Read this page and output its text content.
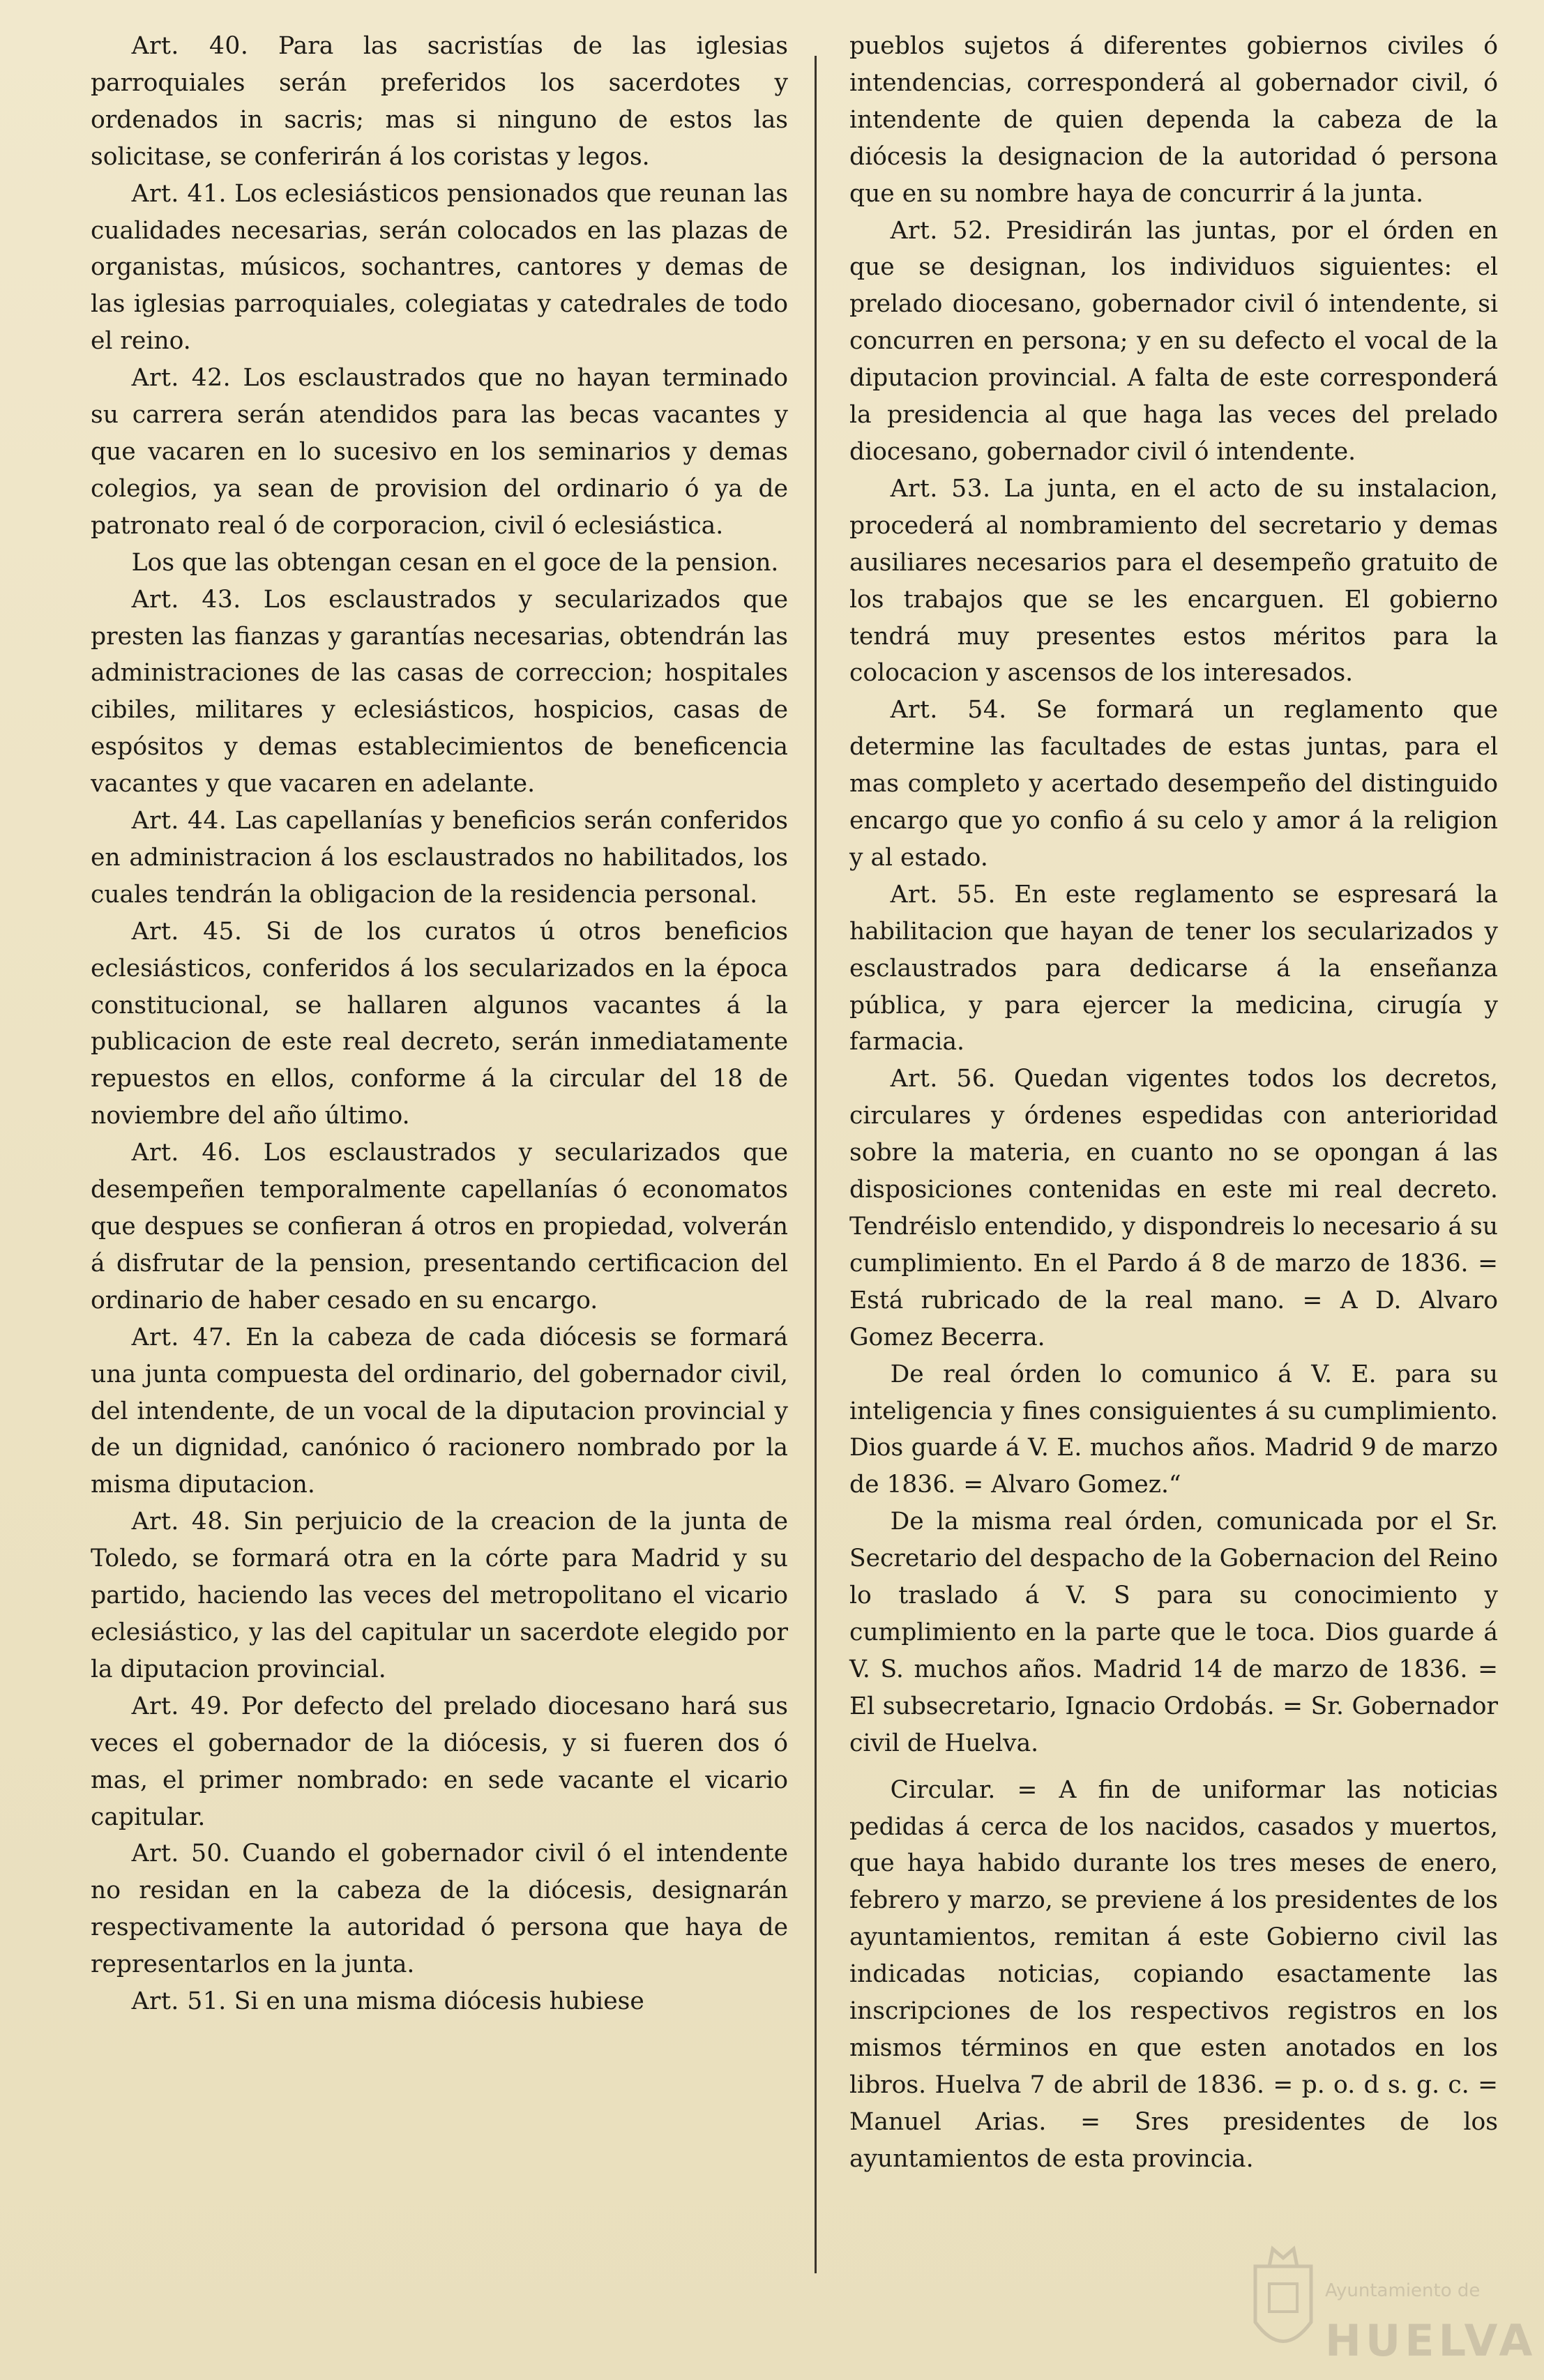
Art. 40. Para las sacristías de las iglesias parroquiales serán preferidos los sacerdotes y ordenados in sacris; mas si ninguno de estos las solicitase, se conferirán á los coristas y legos.

Art. 41. Los eclesiásticos pensionados que reunan las cualidades necesarias, serán colocados en las plazas de organistas, músicos, sochantres, cantores y demas de las iglesias parroquiales, colegiatas y catedrales de todo el reino.

Art. 42. Los esclaustrados que no hayan terminado su carrera serán atendidos para las becas vacantes y que vacaren en lo sucesivo en los seminarios y demas colegios, ya sean de provision del ordinario ó ya de patronato real ó de corporacion, civil ó eclesiástica.

Los que las obtengan cesan en el goce de la pension.

Art. 43. Los esclaustrados y secularizados que presten las fianzas y garantías necesarias, obtendrán las administraciones de las casas de correccion; hospitales cibiles, militares y eclesiásticos, hospicios, casas de espósitos y demas establecimientos de beneficencia vacantes y que vacaren en adelante.

Art. 44. Las capellanías y beneficios serán conferidos en administracion á los esclaustrados no habilitados, los cuales tendrán la obligacion de la residencia personal.

Art. 45. Si de los curatos ú otros beneficios eclesiásticos, conferidos á los secularizados en la época constitucional, se hallaren algunos vacantes á la publicacion de este real decreto, serán inmediatamente repuestos en ellos, conforme á la circular del 18 de noviembre del año último.

Art. 46. Los esclaustrados y secularizados que desempeñen temporalmente capellanías ó economatos que despues se confieran á otros en propiedad, volverán á disfrutar de la pension, presentando certificacion del ordinario de haber cesado en su encargo.

Art. 47. En la cabeza de cada diócesis se formará una junta compuesta del ordinario, del gobernador civil, del intendente, de un vocal de la diputacion provincial y de un dignidad, canónico ó racionero nombrado por la misma diputacion.

Art. 48. Sin perjuicio de la creacion de la junta de Toledo, se formará otra en la córte para Madrid y su partido, haciendo las veces del metropolitano el vicario eclesiástico, y las del capitular un sacerdote elegido por la diputacion provincial.

Art. 49. Por defecto del prelado diocesano hará sus veces el gobernador de la diócesis, y si fueren dos ó mas, el primer nombrado: en sede vacante el vicario capitular.

Art. 50. Cuando el gobernador civil ó el intendente no residan en la cabeza de la diócesis, designarán respectivamente la autoridad ó persona que haya de representarlos en la junta.

Art. 51. Si en una misma diócesis hubiese

pueblos sujetos á diferentes gobiernos civiles ó intendencias, corresponderá al gobernador civil, ó intendente de quien dependa la cabeza de la diócesis la designacion de la autoridad ó persona que en su nombre haya de concurrir á la junta.

Art. 52. Presidirán las juntas, por el órden en que se designan, los individuos siguientes: el prelado diocesano, gobernador civil ó intendente, si concurren en persona; y en su defecto el vocal de la diputacion provincial. A falta de este corresponderá la presidencia al que haga las veces del prelado diocesano, gobernador civil ó intendente.

Art. 53. La junta, en el acto de su instalacion, procederá al nombramiento del secretario y demas ausiliares necesarios para el desempeño gratuito de los trabajos que se les encarguen. El gobierno tendrá muy presentes estos méritos para la colocacion y ascensos de los interesados.

Art. 54. Se formará un reglamento que determine las facultades de estas juntas, para el mas completo y acertado desempeño del distinguido encargo que yo confio á su celo y amor á la religion y al estado.

Art. 55. En este reglamento se espresará la habilitacion que hayan de tener los secularizados y esclaustrados para dedicarse á la enseñanza pública, y para ejercer la medicina, cirugía y farmacia.

Art. 56. Quedan vigentes todos los decretos, circulares y órdenes espedidas con anterioridad sobre la materia, en cuanto no se opongan á las disposiciones contenidas en este mi real decreto. Tendréislo entendido, y dispondreis lo necesario á su cumplimiento. En el Pardo á 8 de marzo de 1836. = Está rubricado de la real mano. = A D. Alvaro Gomez Becerra.

De real órden lo comunico á V. E. para su inteligencia y fines consiguientes á su cumplimiento. Dios guarde á V. E. muchos años. Madrid 9 de marzo de 1836. = Alvaro Gomez.“

De la misma real órden, comunicada por el Sr. Secretario del despacho de la Gobernacion del Reino lo traslado á V. S para su conocimiento y cumplimiento en la parte que le toca. Dios guarde á V. S. muchos años. Madrid 14 de marzo de 1836. = El subsecretario, Ignacio Ordobás. = Sr. Gobernador civil de Huelva.

Circular. = A fin de uniformar las noticias pedidas á cerca de los nacidos, casados y muertos, que haya habido durante los tres meses de enero, febrero y marzo, se previene á los presidentes de los ayuntamientos, remitan á este Gobierno civil las indicadas noticias, copiando esactamente las inscripciones de los respectivos registros en los mismos términos en que esten anotados en los libros. Huelva 7 de abril de 1836. = p. o. d s. g. c. = Manuel Arias. = Sres presidentes de los ayuntamientos de esta provincia.

Ayuntamiento de
HUELVA
